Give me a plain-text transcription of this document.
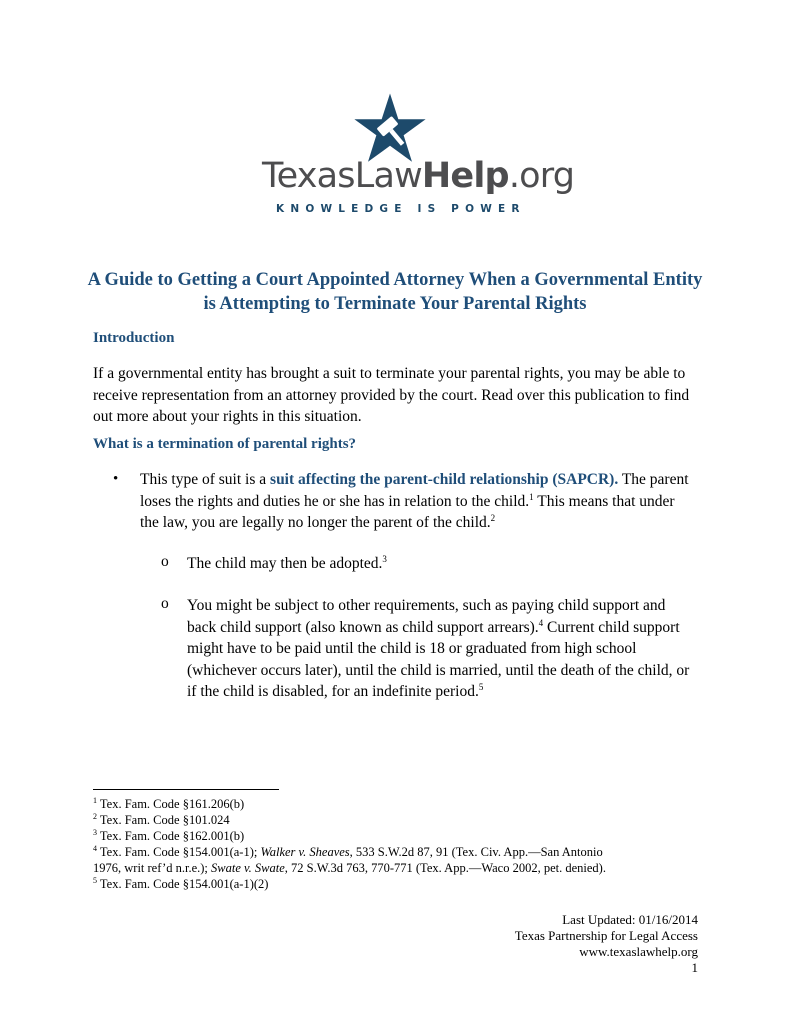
TexasLawHelp.org
KNOWLEDGE IS POWER
A Guide to Getting a Court Appointed Attorney When a Governmental Entity
is Attempting to Terminate Your Parental Rights
Introduction
If a governmental entity has brought a suit to terminate your parental rights, you may be able to
receive representation from an attorney provided by the court. Read over this publication to find
out more about your rights in this situation.
What is a termination of parental rights?
• This type of suit is a suit affecting the parent-child relationship (SAPCR). The parent
loses the rights and duties he or she has in relation to the child.$^1$ This means that under
the law, you are legally no longer the parent of the child.$^2$
o The child may then be adopted.$^3$
o You might be subject to other requirements, such as paying child support and
back child support (also known as child support arrears).$^4$ Current child support
might have to be paid until the child is 18 or graduated from high school
(whichever occurs later), until the child is married, until the death of the child, or
if the child is disabled, for an indefinite period.$^5$
$^1$ Tex. Fam. Code §161.206(b)
$^2$ Tex. Fam. Code §101.024
$^3$ Tex. Fam. Code §162.001(b)
$^4$ Tex. Fam. Code §154.001(a-1); Walker v. Sheaves, 533 S.W.2d 87, 91 (Tex. Civ. App.—San Antonio
1976, writ ref’d n.r.e.); Swate v. Swate, 72 S.W.3d 763, 770-771 (Tex. App.—Waco 2002, pet. denied).
$^5$ Tex. Fam. Code §154.001(a-1)(2)
Last Updated: 01/16/2014
Texas Partnership for Legal Access
www.texaslawhelp.org
1
